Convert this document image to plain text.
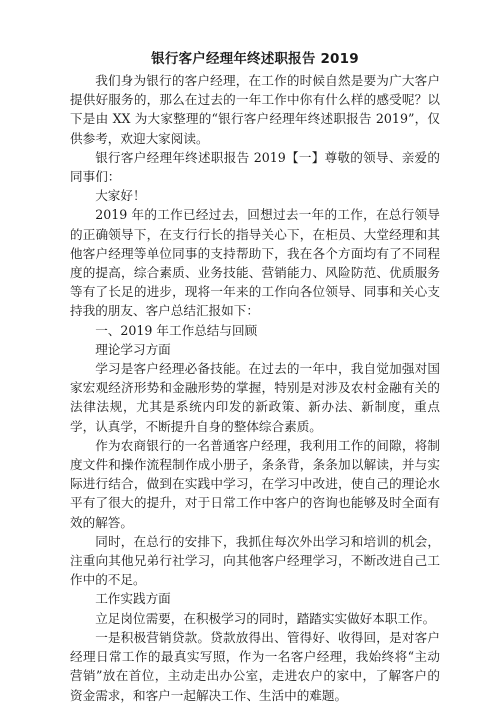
银行客户经理年终述职报告 2019

我们身为银行的客户经理，在工作的时候自然是要为广大客户提供好服务的，那么在过去的一年工作中你有什么样的感受呢？以下是由 XX 为大家整理的“银行客户经理年终述职报告 2019”，仅供参考，欢迎大家阅读。

银行客户经理年终述职报告 2019【一】尊敬的领导、亲爱的同事们：

大家好！

2019 年的工作已经过去，回想过去一年的工作，在总行领导的正确领导下，在支行行长的指导关心下，在柜员、大堂经理和其他客户经理等单位同事的支持帮助下，我在各个方面均有了不同程度的提高，综合素质、业务技能、营销能力、风险防范、优质服务等有了长足的进步，现将一年来的工作向各位领导、同事和关心支持我的朋友、客户总结汇报如下：

一、2019 年工作总结与回顾

理论学习方面

学习是客户经理必备技能。在过去的一年中，我自觉加强对国家宏观经济形势和金融形势的掌握，特别是对涉及农村金融有关的法律法规，尤其是系统内印发的新政策、新办法、新制度，重点学，认真学，不断提升自身的整体综合素质。

作为农商银行的一名普通客户经理，我利用工作的间隙，将制度文件和操作流程制作成小册子，条条背，条条加以解读，并与实际进行结合，做到在实践中学习，在学习中改进，使自己的理论水平有了很大的提升，对于日常工作中客户的咨询也能够及时全面有效的解答。

同时，在总行的安排下，我抓住每次外出学习和培训的机会，注重向其他兄弟行社学习，向其他客户经理学习，不断改进自己工作中的不足。

工作实践方面

立足岗位需要，在积极学习的同时，踏踏实实做好本职工作。

一是积极营销贷款。贷款放得出、管得好、收得回，是对客户经理日常工作的最真实写照，作为一名客户经理，我始终将“主动营销”放在首位，主动走出办公室，走进农户的家中，了解客户的资金需求，和客户一起解决工作、生活中的难题。
